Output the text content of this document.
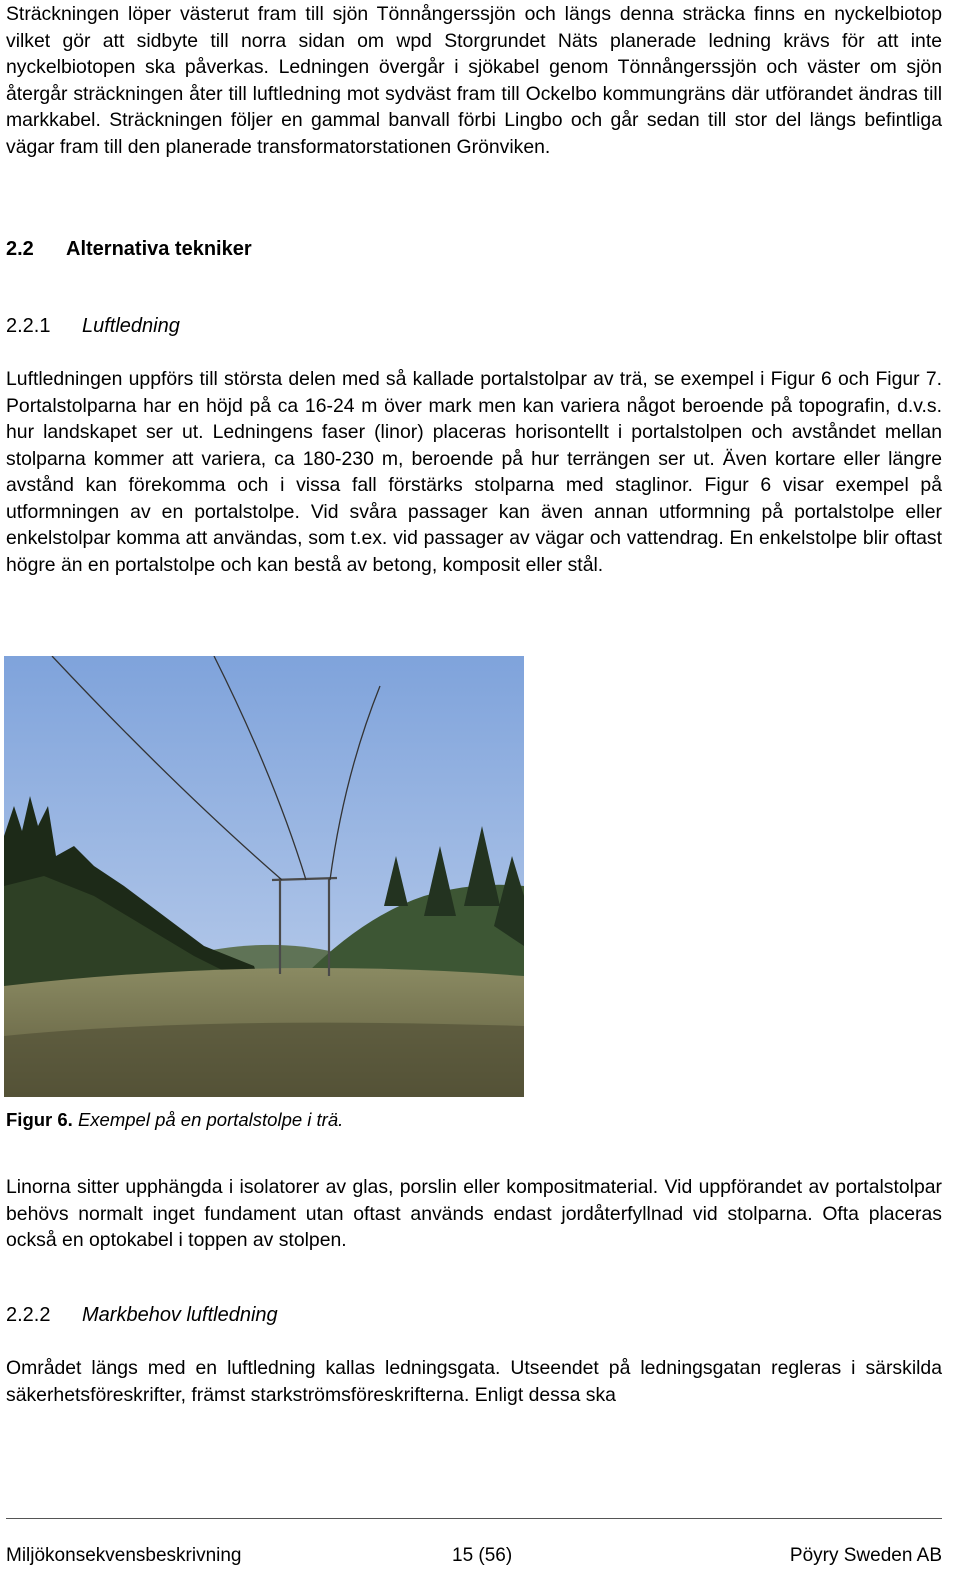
Sträckningen löper västerut fram till sjön Tönnångerssjön och längs denna sträcka finns en nyckelbiotop vilket gör att sidbyte till norra sidan om wpd Storgrundet Näts planerade ledning krävs för att inte nyckelbiotopen ska påverkas. Ledningen övergår i sjökabel genom Tönnångerssjön och väster om sjön återgår sträckningen åter till luftledning mot sydväst fram till Ockelbo kommungräns där utförandet ändras till markkabel. Sträckningen följer en gammal banvall förbi Lingbo och går sedan till stor del längs befintliga vägar fram till den planerade transformatorstationen Grönviken.

2.2 Alternativa tekniker
2.2.1 Luftledning

Luftledningen uppförs till största delen med så kallade portalstolpar av trä, se exempel i Figur 6 och Figur 7. Portalstolparna har en höjd på ca 16-24 m över mark men kan variera något beroende på topografin, d.v.s. hur landskapet ser ut. Ledningens faser (linor) placeras horisontellt i portalstolpen och avståndet mellan stolparna kommer att variera, ca 180-230 m, beroende på hur terrängen ser ut. Även kortare eller längre avstånd kan förekomma och i vissa fall förstärks stolparna med staglinor. Figur 6 visar exempel på utformningen av en portalstolpe. Vid svåra passager kan även annan utformning på portalstolpe eller enkelstolpar komma att användas, som t.ex. vid passager av vägar och vattendrag. En enkelstolpe blir oftast högre än en portalstolpe och kan bestå av betong, komposit eller stål.

Figur 6. Exempel på en portalstolpe i trä.

Linorna sitter upphängda i isolatorer av glas, porslin eller kompositmaterial. Vid uppförandet av portalstolpar behövs normalt inget fundament utan oftast används endast jordåterfyllnad vid stolparna. Ofta placeras också en optokabel i toppen av stolpen.

2.2.2 Markbehov luftledning

Området längs med en luftledning kallas ledningsgata. Utseendet på ledningsgatan regleras i särskilda säkerhetsföreskrifter, främst starkströmsföreskrifterna. Enligt dessa ska

Miljökonsekvensbeskrivning	15 (56)	Pöyry Sweden AB
